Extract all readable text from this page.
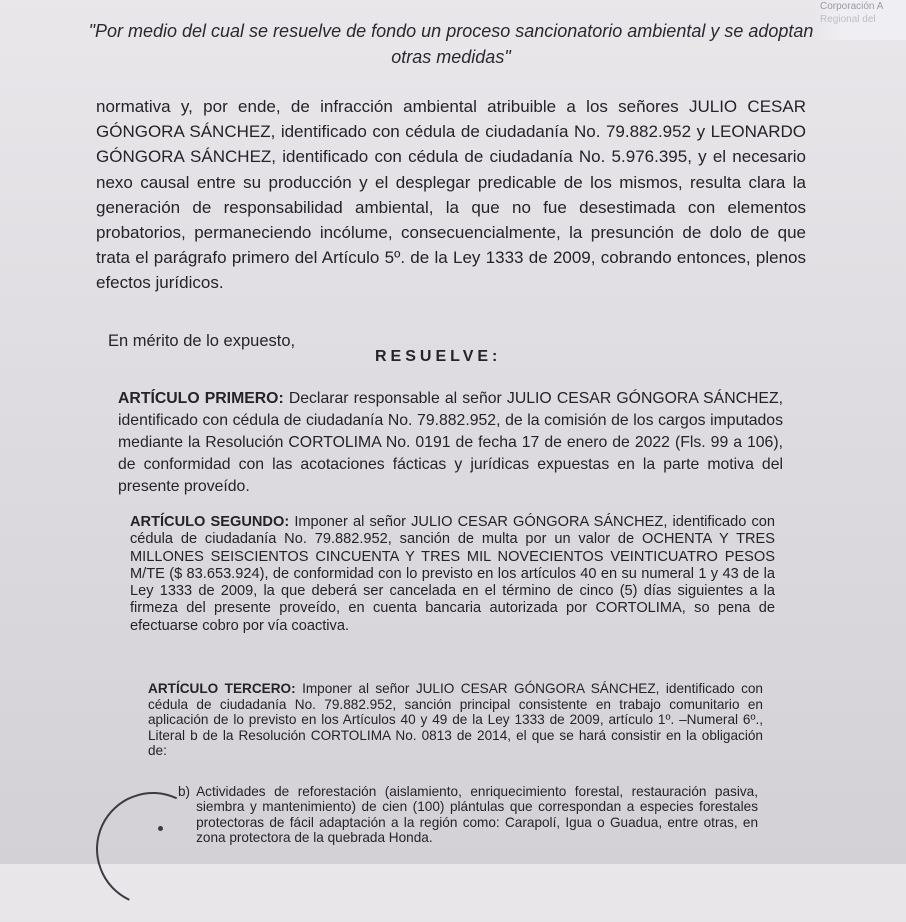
Corporación A
Regional del
"Por medio del cual se resuelve de fondo un proceso sancionatorio ambiental y se adoptan otras medidas"
normativa y, por ende, de infracción ambiental atribuible a los señores JULIO CESAR GÓNGORA SÁNCHEZ, identificado con cédula de ciudadanía No. 79.882.952 y LEONARDO GÓNGORA SÁNCHEZ, identificado con cédula de ciudadanía No. 5.976.395, y el necesario nexo causal entre su producción y el desplegar predicable de los mismos, resulta clara la generación de responsabilidad ambiental, la que no fue desestimada con elementos probatorios, permaneciendo incólume, consecuencialmente, la presunción de dolo de que trata el parágrafo primero del Artículo 5º. de la Ley 1333 de 2009, cobrando entonces, plenos efectos jurídicos.
En mérito de lo expuesto,
RESUELVE:
ARTÍCULO PRIMERO: Declarar responsable al señor JULIO CESAR GÓNGORA SÁNCHEZ, identificado con cédula de ciudadanía No. 79.882.952, de la comisión de los cargos imputados mediante la Resolución CORTOLIMA No. 0191 de fecha 17 de enero de 2022 (Fls. 99 a 106), de conformidad con las acotaciones fácticas y jurídicas expuestas en la parte motiva del presente proveído.
ARTÍCULO SEGUNDO: Imponer al señor JULIO CESAR GÓNGORA SÁNCHEZ, identificado con cédula de ciudadanía No. 79.882.952, sanción de multa por un valor de OCHENTA Y TRES MILLONES SEISCIENTOS CINCUENTA Y TRES MIL NOVECIENTOS VEINTICUATRO PESOS M/TE ($ 83.653.924), de conformidad con lo previsto en los artículos 40 en su numeral 1 y 43 de la Ley 1333 de 2009, la que deberá ser cancelada en el término de cinco (5) días siguientes a la firmeza del presente proveído, en cuenta bancaria autorizada por CORTOLIMA, so pena de efectuarse cobro por vía coactiva.
ARTÍCULO TERCERO: Imponer al señor JULIO CESAR GÓNGORA SÁNCHEZ, identificado con cédula de ciudadanía No. 79.882.952, sanción principal consistente en trabajo comunitario en aplicación de lo previsto en los Artículos 40 y 49 de la Ley 1333 de 2009, artículo 1º. –Numeral 6º., Literal b de la Resolución CORTOLIMA No. 0813 de 2014, el que se hará consistir en la obligación de:
b) Actividades de reforestación (aislamiento, enriquecimiento forestal, restauración pasiva, siembra y mantenimiento) de cien (100) plántulas que correspondan a especies forestales protectoras de fácil adaptación a la región como: Carapolí, Igua o Guadua, entre otras, en zona protectora de la quebrada Honda.
